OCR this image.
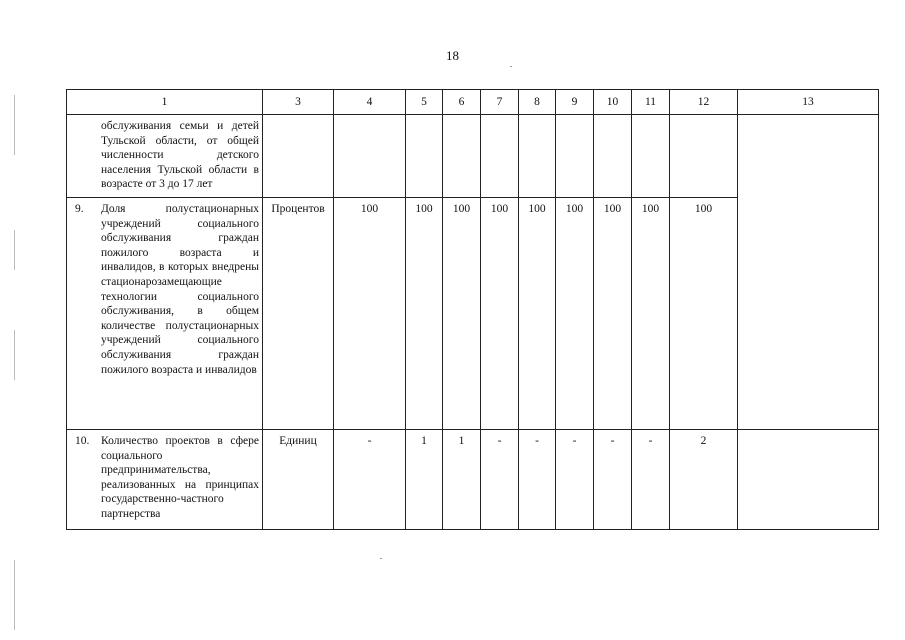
18
1	3	4	5	6	7	8	9	10	11	12	13

обслуживания семьи и детей Тульской области, от общей численности детского населения Тульской области в возрасте от 3 до 17 лет											

9. Доля полустационарных учреждений социального обслуживания граждан пожилого возраста и инвалидов, в которых внедрены стационарозамещающие технологии социального обслуживания, в общем количестве полустационарных учреждений социального обслуживания граждан пожилого возраста и инвалидов	Процентов	100	100	100	100	100	100	100	100	100	

10. Количество проектов в сфере социального предпринимательства, реализованных на принципах государственно-частного партнерства	Единиц	-	1	1	-	-	-	-	-	2	
